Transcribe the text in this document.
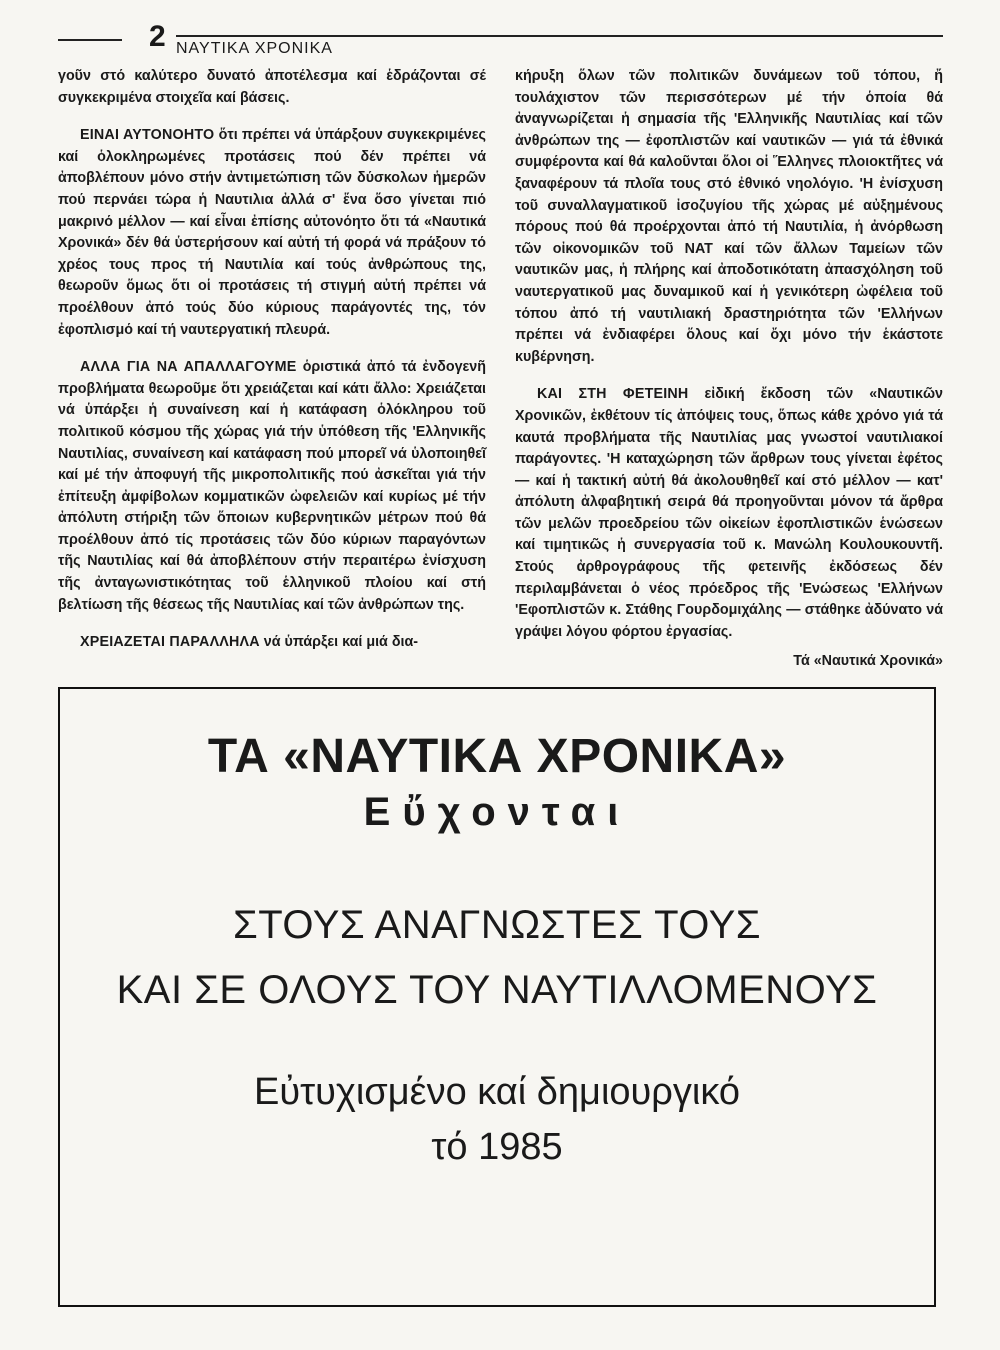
2 ΝΑΥΤΙΚΑ ΧΡΟΝΙΚΑ

γοῦν στό καλύτερο δυνατό ἀποτέλεσμα καί ἑδράζονται σέ συγκεκριμένα στοιχεῖα καί βάσεις.

ΕΙΝΑΙ ΑΥΤΟΝΟΗΤΟ ὅτι πρέπει νά ὑπάρξουν συγκεκριμένες καί ὁλοκληρωμένες προτάσεις πού δέν πρέπει νά ἀποβλέπουν μόνο στήν ἀντιμετώπιση τῶν δύσκολων ἡμερῶν πού περνάει τώρα ἡ Ναυτιλια ἀλλά σ' ἕνα ὅσο γίνεται πιό μακρινό μέλλον — καί εἶναι ἐπίσης αὐτονόητο ὅτι τά «Ναυτικά Χρονικά» δέν θά ὑστερήσουν καί αὐτή τή φορά νά πράξουν τό χρέος τους προς τή Ναυτιλία καί τούς ἀνθρώπους της, θεωροῦν ὅμως ὅτι οἱ προτάσεις τή στιγμή αὐτή πρέπει νά προέλθουν ἀπό τούς δύο κύριους παράγοντές της, τόν ἐφοπλισμό καί τή ναυτεργατική πλευρά.

ΑΛΛΑ ΓΙΑ ΝΑ ΑΠΑΛΛΑΓΟΥΜΕ ὁριστικά ἀπό τά ἐνδογενῆ προβλήματα θεωροῦμε ὅτι χρειάζεται καί κάτι ἄλλο: Χρειάζεται νά ὑπάρξει ἡ συναίνεση καί ἡ κατάφαση ὁλόκληρου τοῦ πολιτικοῦ κόσμου τῆς χώρας γιά τήν ὑπόθεση τῆς 'Ελληνικῆς Ναυτιλίας, συναίνεση καί κατάφαση πού μπορεῖ νά ὑλοποιηθεῖ καί μέ τήν ἀποφυγή τῆς μικροπολιτικῆς πού ἀσκεῖται γιά τήν ἐπίτευξη ἀμφίβολων κομματικῶν ὠφελειῶν καί κυρίως μέ τήν ἀπόλυτη στήριξη τῶν ὅποιων κυβερνητικῶν μέτρων πού θά προέλθουν ἀπό τίς προτάσεις τῶν δύο κύριων παραγόντων τῆς Ναυτιλίας καί θά ἀποβλέπουν στήν περαιτέρω ἐνίσχυση τῆς ἀνταγωνιστικότητας τοῦ ἑλληνικοῦ πλοίου καί στή βελτίωση τῆς θέσεως τῆς Ναυτιλίας καί τῶν ἀνθρώπων της.

ΧΡΕΙΑΖΕΤΑΙ ΠΑΡΑΛΛΗΛΑ νά ὑπάρξει καί μιά δια-

κήρυξη ὅλων τῶν πολιτικῶν δυνάμεων τοῦ τόπου, ἤ τουλάχιστον τῶν περισσότερων μέ τήν ὁποία θά ἀναγνωρίζεται ἡ σημασία τῆς 'Ελληνικῆς Ναυτιλίας καί τῶν ἀνθρώπων της — ἐφοπλιστῶν καί ναυτικῶν — γιά τά ἐθνικά συμφέροντα καί θά καλοῦνται ὅλοι οἱ Ἕλληνες πλοιοκτῆτες νά ξαναφέρουν τά πλοῖα τους στό ἐθνικό νηολόγιο. 'Η ἐνίσχυση τοῦ συναλλαγματικοῦ ἰσοζυγίου τῆς χώρας μέ αὐξημένους πόρους πού θά προέρχονται ἀπό τή Ναυτιλία, ἡ ἀνόρθωση τῶν οἰκονομικῶν τοῦ ΝΑΤ καί τῶν ἄλλων Ταμείων τῶν ναυτικῶν μας, ἡ πλήρης καί ἀποδοτικότατη ἀπασχόληση τοῦ ναυτεργατικοῦ μας δυναμικοῦ καί ἡ γενικότερη ὠφέλεια τοῦ τόπου ἀπό τή ναυτιλιακή δραστηριότητα τῶν 'Ελλήνων πρέπει νά ἐνδιαφέρει ὅλους καί ὄχι μόνο τήν ἑκάστοτε κυβέρνηση.

ΚΑΙ ΣΤΗ ΦΕΤΕΙΝΗ εἰδική ἔκδοση τῶν «Ναυτικῶν Χρονικῶν, ἐκθέτουν τίς ἀπόψεις τους, ὅπως κάθε χρόνο γιά τά καυτά προβλήματα τῆς Ναυτιλίας μας γνωστοί ναυτιλιακοί παράγοντες. 'Η καταχώρηση τῶν ἄρθρων τους γίνεται ἐφέτος — καί ἡ τακτική αὐτή θά ἀκολουθηθεῖ καί στό μέλλον — κατ' ἀπόλυτη ἀλφαβητική σειρά θά προηγοῦνται μόνον τά ἄρθρα τῶν μελῶν προεδρείου τῶν οἰκείων ἐφοπλιστικῶν ἑνώσεων καί τιμητικῶς ἡ συνεργασία τοῦ κ. Μανώλη Κουλουκουντῆ. Στούς ἀρθρογράφους τῆς φετεινῆς ἐκδόσεως δέν περιλαμβάνεται ὁ νέος πρόεδρος τῆς 'Ενώσεως 'Ελλήνων 'Εφοπλιστῶν κ. Στάθης Γουρδομιχάλης — στάθηκε ἀδύνατο νά γράψει λόγου φόρτου ἐργασίας.

Τά «Ναυτικά Χρονικά»

ΤΑ «ΝΑΥΤΙΚΑ ΧΡΟΝΙΚΑ»
Εὔχονται
ΣΤΟΥΣ ΑΝΑΓΝΩΣΤΕΣ ΤΟΥΣ
ΚΑΙ ΣΕ ΟΛΟΥΣ ΤΟΥ ΝΑΥΤΙΛΛΟΜΕΝΟΥΣ
Εὐτυχισμένο καί δημιουργικό
τό 1985
